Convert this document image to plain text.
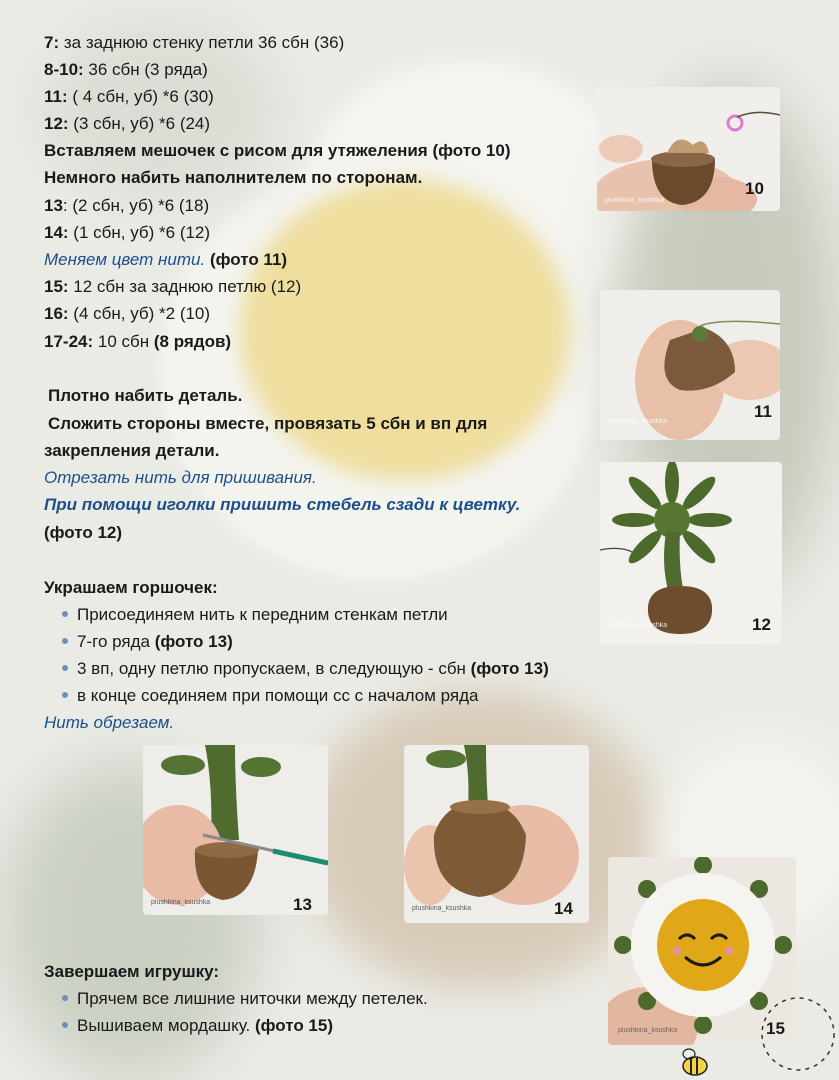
7: за заднюю стенку петли 36 сбн (36)
8-10: 36 сбн (3 ряда)
11: ( 4 сбн, уб) *6 (30)
12: (3 сбн, уб) *6 (24)
Вставляем мешочек с рисом для утяжеления (фото 10)
Немного набить наполнителем по сторонам.
13: (2 сбн, уб) *6 (18)
14: (1 сбн, уб) *6 (12)
Меняем цвет нити. (фото 11)
15: 12 сбн за заднюю петлю (12)
16: (4 сбн, уб) *2 (10)
17-24: 10 сбн (8 рядов)
Плотно набить деталь.
Сложить стороны вместе, провязать 5 сбн и вп для
закрепления детали.
Отрезать нить для пришивания.
При помощи иголки пришить стебель сзади к цветку.
(фото 12)
Украшаем горшочек:
Присоединяем нить к передним стенкам петли
7-го ряда (фото 13)
3 вп, одну петлю пропускаем, в следующую - сбн (фото 13)
в конце соединяем при помощи сс с началом ряда
Нить обрезаем.
Завершаем игрушку:
Прячем все лишние ниточки между петелек.
Вышиваем мордашку. (фото 15)
plushkina_ksushka
10
plushkina_ksushka
11
plushkina_ksushka	12
plushkina_ksushka	13	plushkina_ksushka	14
plushkina_ksushka	15
